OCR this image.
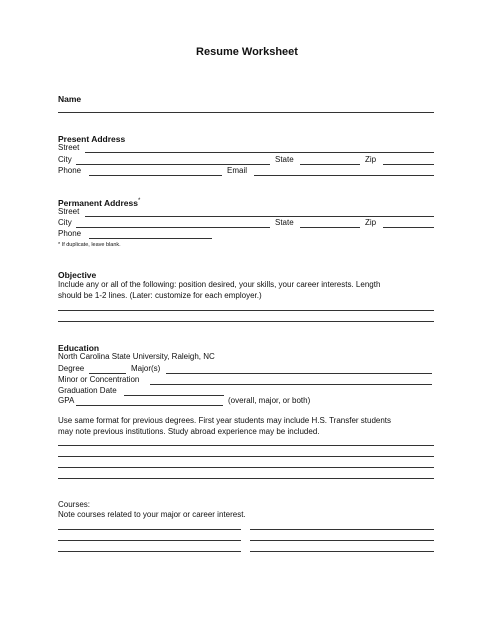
Resume Worksheet
Name
Present Address
Street
City	State	Zip
Phone	Email
Permanent Address*
Street
City	State	Zip
Phone
* If duplicate, leave blank.
Objective
Include any or all of the following: position desired, your skills, your career interests. Length
should be 1-2 lines. (Later: customize for each employer.)
Education
North Carolina State University, Raleigh, NC
Degree	Major(s)
Minor or Concentration
Graduation Date
GPA	(overall, major, or both)
Use same format for previous degrees. First year students may include H.S. Transfer students
may note previous institutions. Study abroad experience may be included.
Courses:
Note courses related to your major or career interest.
